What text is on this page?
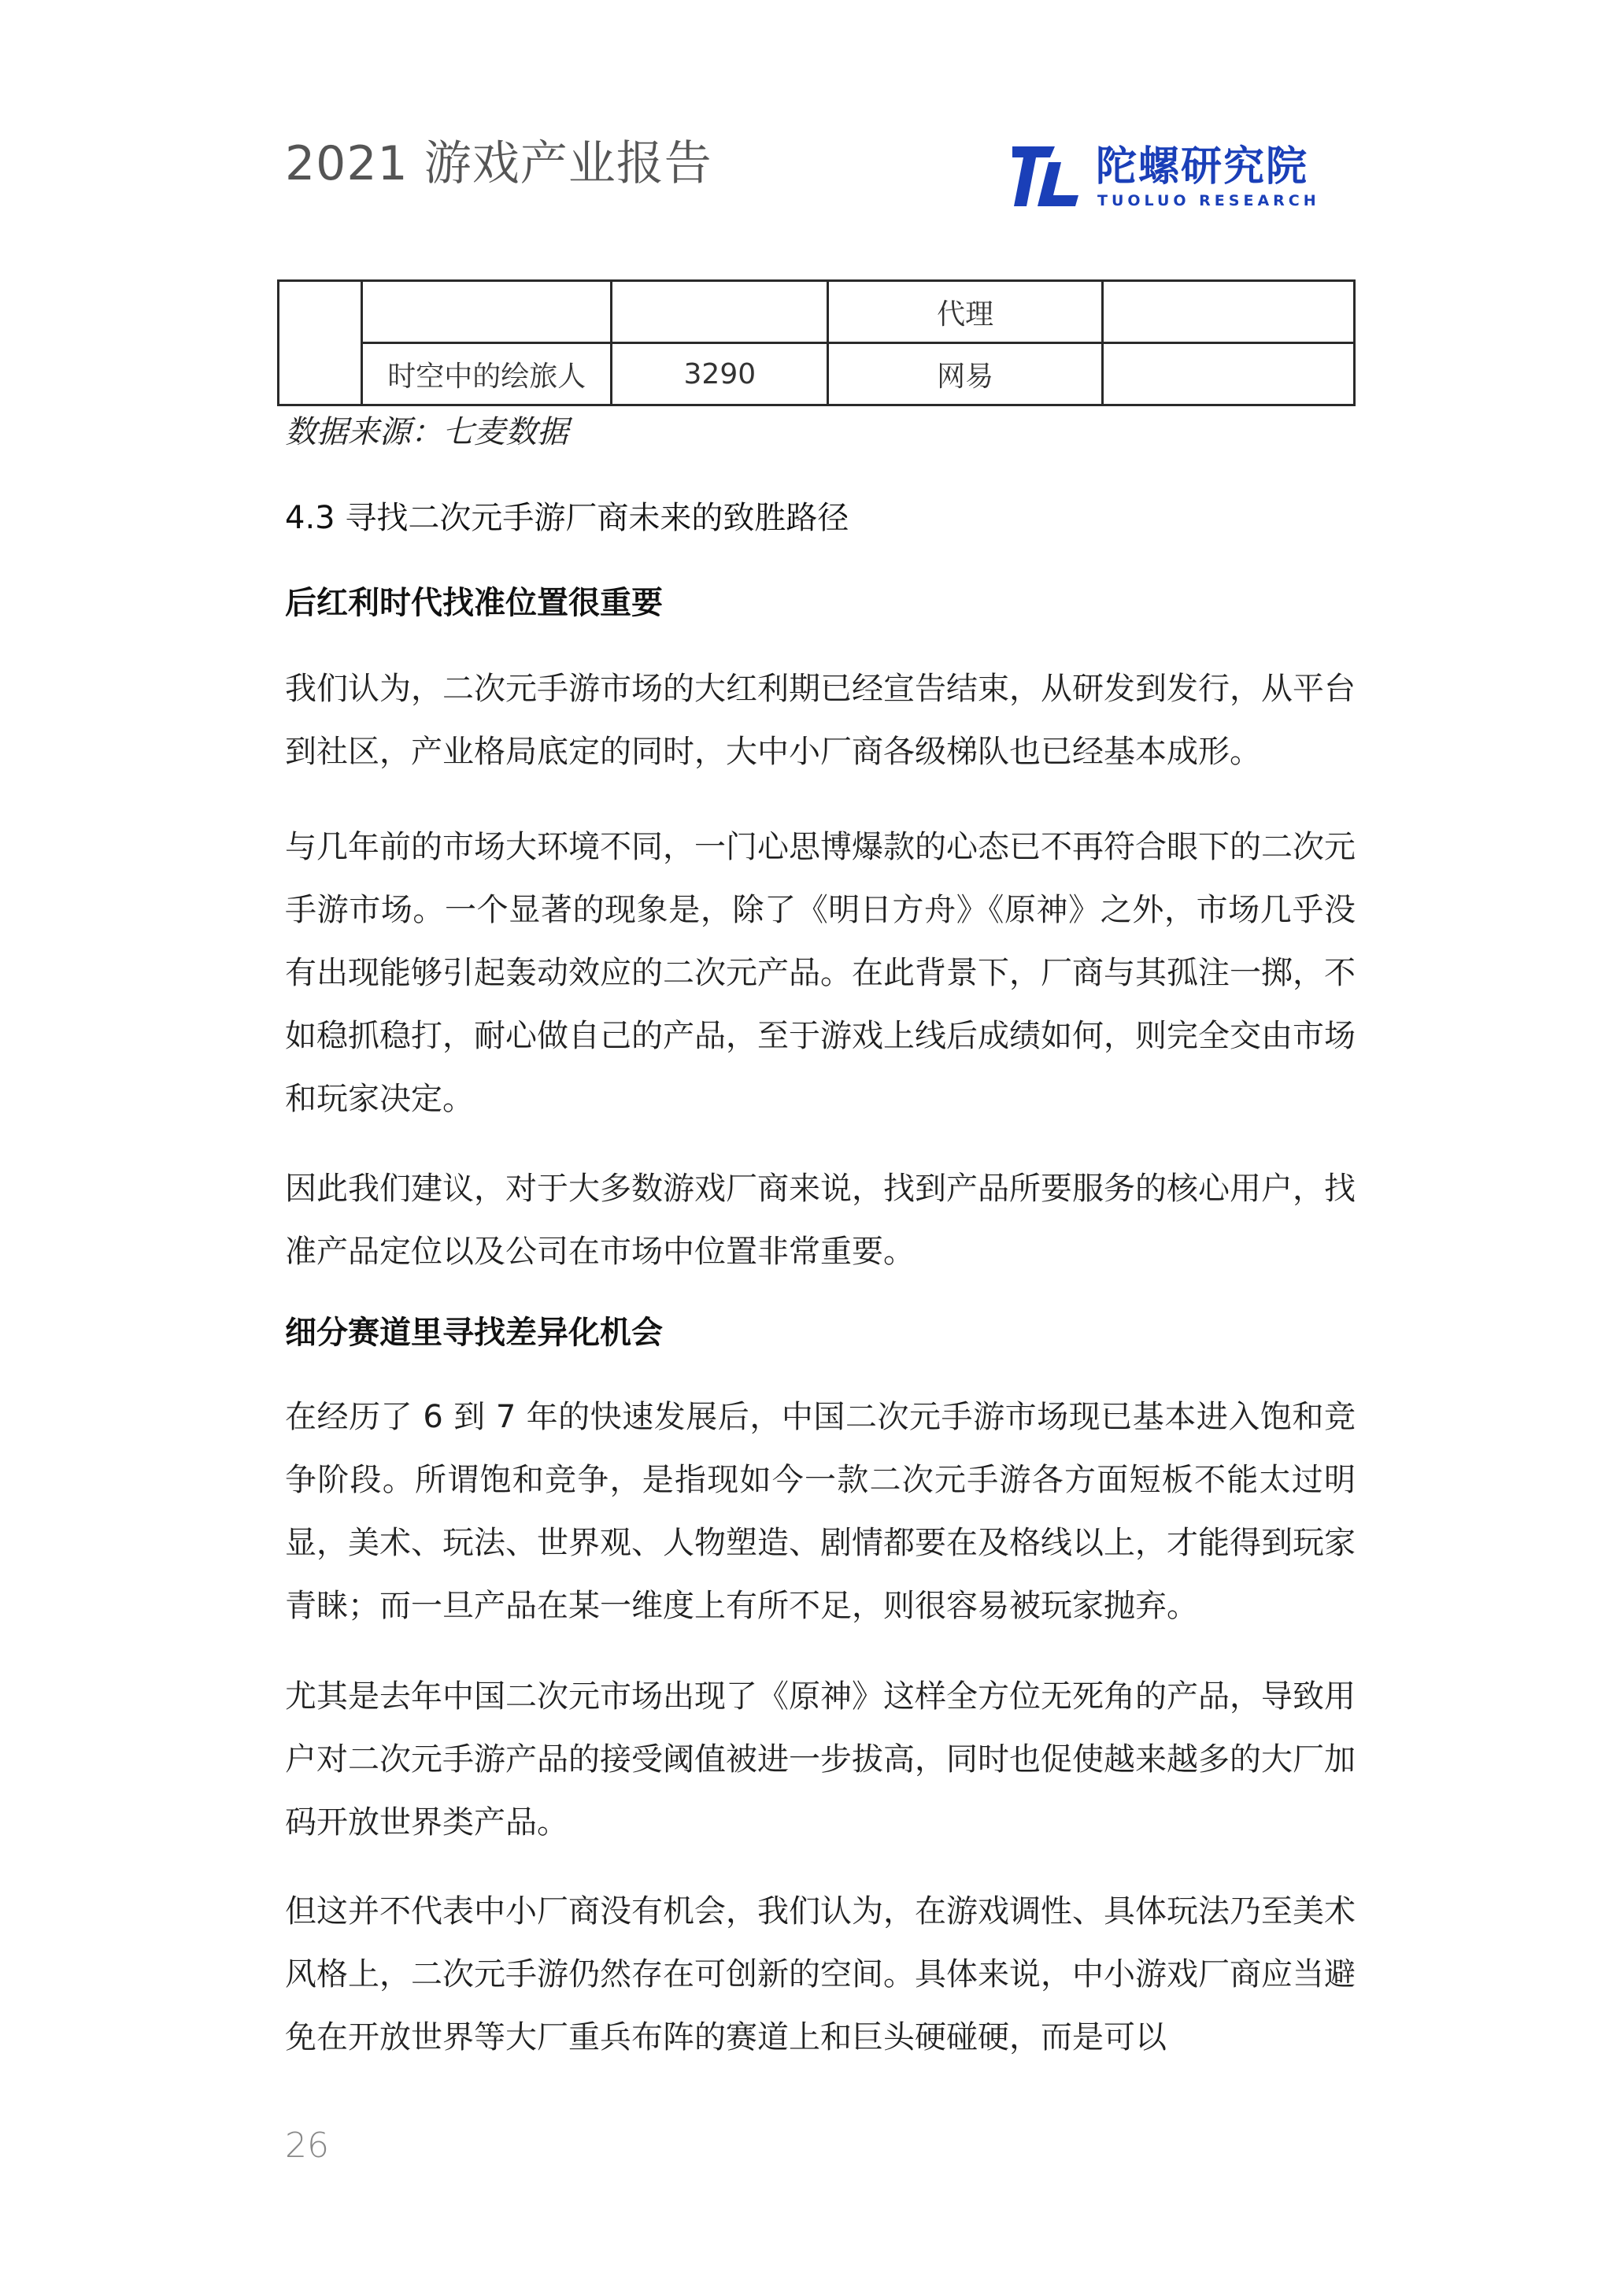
2021 游戏产业报告	陀螺研究院
TUOLUO RESEARCH
			代理	
	时空中的绘旅人	3290	网易	
数据来源：七麦数据
4.3 寻找二次元手游厂商未来的致胜路径
后红利时代找准位置很重要

我们认为，二次元手游市场的大红利期已经宣告结束，从研发到发行，从平台到社区，产业格局底定的同时，大中小厂商各级梯队也已经基本成形。

与几年前的市场大环境不同，一门心思博爆款的心态已不再符合眼下的二次元手游市场。一个显著的现象是，除了《明日方舟》《原神》之外，市场几乎没有出现能够引起轰动效应的二次元产品。在此背景下，厂商与其孤注一掷，不如稳抓稳打，耐心做自己的产品，至于游戏上线后成绩如何，则完全交由市场和玩家决定。

因此我们建议，对于大多数游戏厂商来说，找到产品所要服务的核心用户，找准产品定位以及公司在市场中位置非常重要。

细分赛道里寻找差异化机会

在经历了 6 到 7 年的快速发展后，中国二次元手游市场现已基本进入饱和竞争阶段。所谓饱和竞争，是指现如今一款二次元手游各方面短板不能太过明显，美术、玩法、世界观、人物塑造、剧情都要在及格线以上，才能得到玩家青睐；而一旦产品在某一维度上有所不足，则很容易被玩家抛弃。

尤其是去年中国二次元市场出现了《原神》这样全方位无死角的产品，导致用户对二次元手游产品的接受阈值被进一步拔高，同时也促使越来越多的大厂加码开放世界类产品。

但这并不代表中小厂商没有机会，我们认为，在游戏调性、具体玩法乃至美术风格上，二次元手游仍然存在可创新的空间。具体来说，中小游戏厂商应当避免在开放世界等大厂重兵布阵的赛道上和巨头硬碰硬，而是可以

26
